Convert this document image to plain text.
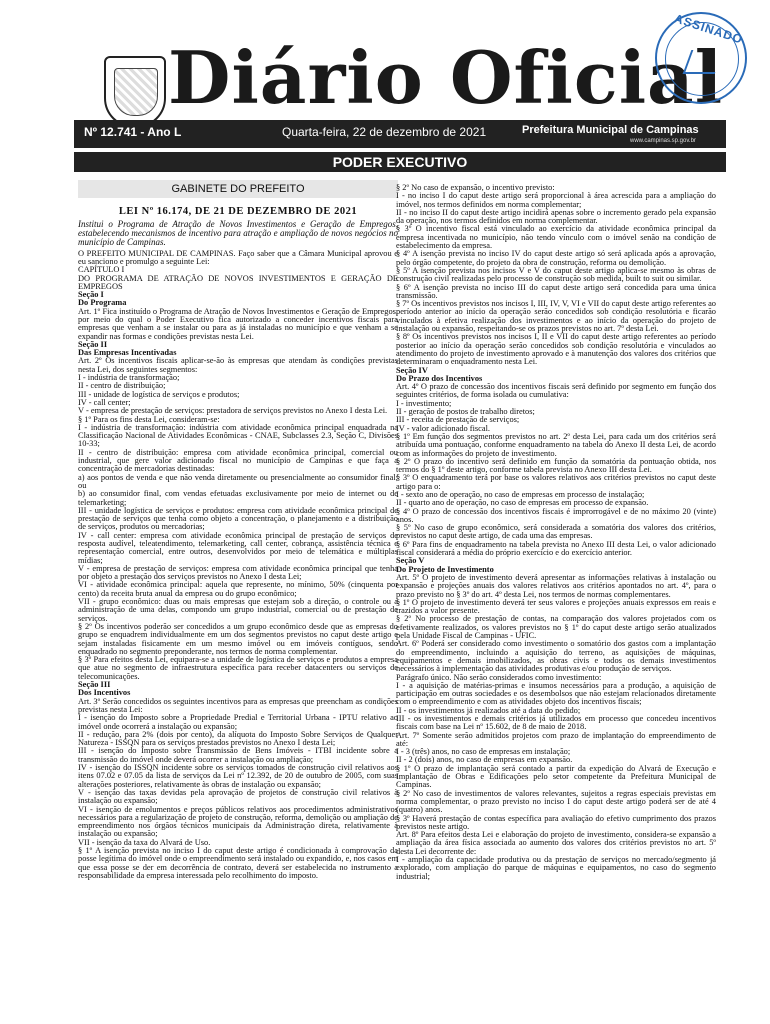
Diário Oficial
ASSINADO
Nº 12.741 - Ano L	Quarta-feira, 22 de dezembro de 2021	Prefeitura Municipal de Campinas
www.campinas.sp.gov.br
PODER EXECUTIVO
GABINETE DO PREFEITO
LEI Nº 16.174, DE 21 DE DEZEMBRO DE 2021
Institui o Programa de Atração de Novos Investimentos e Geração de Empregos, estabelecendo mecanismos de incentivo para atração e ampliação de novos negócios no município de Campinas.

O PREFEITO MUNICIPAL DE CAMPINAS. Faço saber que a Câmara Municipal aprovou e eu sanciono e promulgo a seguinte Lei:

CAPÍTULO I

DO PROGRAMA DE ATRAÇÃO DE NOVOS INVESTIMENTOS E GERAÇÃO DE EMPREGOS

Seção I

Do Programa

Art. 1º Fica instituído o Programa de Atração de Novos Investimentos e Geração de Empregos, por meio do qual o Poder Executivo fica autorizado a conceder incentivos fiscais para empresas que venham a se instalar ou para as já instaladas no município e que venham a se expandir nas formas e condições previstas nesta Lei.

Seção II

Das Empresas Incentivadas

Art. 2º Os incentivos fiscais aplicar-se-ão às empresas que atendam às condições previstas nesta Lei, dos seguintes segmentos:

I - indústria de transformação;

II - centro de distribuição;

III - unidade de logística de serviços e produtos;

IV - call center;

V - empresa de prestação de serviços: prestadora de serviços previstos no Anexo I desta Lei.

§ 1º Para os fins desta Lei, consideram-se:

I - indústria de transformação: indústria com atividade econômica principal enquadrada na Classificação Nacional de Atividades Econômicas - CNAE, Subclasses 2.3, Seção C, Divisões 10-33;

II - centro de distribuição: empresa com atividade econômica principal, comercial ou industrial, que gere valor adicionado fiscal no município de Campinas e que faça a concentração de mercadorias destinadas:

a) aos pontos de venda e que não venda diretamente ou presencialmente ao consumidor final; ou

b) ao consumidor final, com vendas efetuadas exclusivamente por meio de internet ou de telemarketing;

III - unidade logística de serviços e produtos: empresa com atividade econômica principal de prestação de serviços que tenha como objeto a concentração, o planejamento e a distribuição de serviços, produtos ou mercadorias;

IV - call center: empresa com atividade econômica principal de prestação de serviços de resposta audível, teleatendimento, telemarketing, call center, cobrança, assistência técnica e representação comercial, entre outros, desenvolvidos por meio de telemática e múltiplas mídias;

V - empresa de prestação de serviços: empresa com atividade econômica principal que tenha por objeto a prestação dos serviços previstos no Anexo I desta Lei;

VI - atividade econômica principal: aquela que represente, no mínimo, 50% (cinquenta por cento) da receita bruta anual da empresa ou do grupo econômico;

VII - grupo econômico: duas ou mais empresas que estejam sob a direção, o controle ou a administração de uma delas, compondo um grupo industrial, comercial ou de prestação de serviços.

§ 2º Os incentivos poderão ser concedidos a um grupo econômico desde que as empresas do grupo se enquadrem individualmente em um dos segmentos previstos no caput deste artigo e sejam instaladas fisicamente em um mesmo imóvel ou em imóveis contíguos, sendo enquadrado no segmento preponderante, nos termos de norma complementar.

§ 3º Para efeitos desta Lei, equipara-se a unidade de logística de serviços e produtos a empresa que atue no segmento de infraestrutura específica para receber datacenters ou serviços de telecomunicações.

Seção III

Dos Incentivos

Art. 3º Serão concedidos os seguintes incentivos para as empresas que preencham as condições previstas nesta Lei:

I - isenção do Imposto sobre a Propriedade Predial e Territorial Urbana - IPTU relativo ao imóvel onde ocorrerá a instalação ou expansão;

II - redução, para 2% (dois por cento), da alíquota do Imposto Sobre Serviços de Qualquer Natureza - ISSQN para os serviços prestados previstos no Anexo I desta Lei;

III - isenção do Imposto sobre Transmissão de Bens Imóveis - ITBI incidente sobre a transmissão do imóvel onde deverá ocorrer a instalação ou ampliação;

IV - isenção do ISSQN incidente sobre os serviços tomados de construção civil relativos aos itens 07.02 e 07.05 da lista de serviços da Lei nº 12.392, de 20 de outubro de 2005, com suas alterações posteriores, relativamente às obras de instalação ou expansão;

V - isenção das taxas devidas pela aprovação de projetos de construção civil relativos à instalação ou expansão;

VI - isenção de emolumentos e preços públicos relativos aos procedimentos administrativos necessários para a regularização de projeto de construção, reforma, demolição ou ampliação de empreendimento nos órgãos técnicos municipais da Administração direta, relativamente à instalação ou expansão;

VII - isenção da taxa do Alvará de Uso.

§ 1º A isenção prevista no inciso I do caput deste artigo é condicionada à comprovação da posse legítima do imóvel onde o empreendimento será instalado ou expandido, e, nos casos em que essa posse se der em decorrência de contrato, deverá ser estabelecida no instrumento a responsabilidade da empresa interessada pelo recolhimento do imposto.

§ 2º No caso de expansão, o incentivo previsto:

I - no inciso I do caput deste artigo será proporcional à área acrescida para a ampliação do imóvel, nos termos definidos em norma complementar;

II - no inciso II do caput deste artigo incidirá apenas sobre o incremento gerado pela expansão da operação, nos termos definidos em norma complementar.

§ 3º O incentivo fiscal está vinculado ao exercício da atividade econômica principal da empresa incentivada no município, não tendo vínculo com o imóvel senão na condição de estabelecimento da empresa.

§ 4º A isenção prevista no inciso IV do caput deste artigo só será aplicada após a aprovação, pelo órgão competente, do projeto da obra de construção, reforma ou demolição.

§ 5º A isenção prevista nos incisos V e V do caput deste artigo aplica-se mesmo às obras de construção civil realizadas pelo processo de construção sob medida, built to suit ou similar.

§ 6º A isenção prevista no inciso III do caput deste artigo será concedida para uma única transmissão.

§ 7º Os incentivos previstos nos incisos I, III, IV, V, VI e VII do caput deste artigo referentes ao período anterior ao início da operação serão concedidos sob condição resolutória e ficarão vinculados à efetiva realização dos investimentos e ao início da operação do projeto de instalação ou expansão, respeitando-se os prazos previstos no art. 7º desta Lei.

§ 8º Os incentivos previstos nos incisos I, II e VII do caput deste artigo referentes ao período posterior ao início da operação serão concedidos sob condição resolutória e vinculados ao atendimento do projeto de investimento aprovado e à manutenção dos valores dos critérios que determinaram o enquadramento nesta Lei.

Seção IV

Do Prazo dos Incentivos

Art. 4º O prazo de concessão dos incentivos fiscais será definido por segmento em função dos seguintes critérios, de forma isolada ou cumulativa:

I - investimento;

II - geração de postos de trabalho diretos;

III - receita de prestação de serviços;

IV - valor adicionado fiscal.

§ 1º Em função dos segmentos previstos no art. 2º desta Lei, para cada um dos critérios será atribuída uma pontuação, conforme enquadramento na tabela do Anexo II desta Lei, de acordo com as informações do projeto de investimento.

§ 2º O prazo do incentivo será definido em função da somatória da pontuação obtida, nos termos do § 1º deste artigo, conforme tabela prevista no Anexo III desta Lei.

§ 3º O enquadramento terá por base os valores relativos aos critérios previstos no caput deste artigo para o:

I - sexto ano de operação, no caso de empresas em processo de instalação;

II - quarto ano de operação, no caso de empresas em processo de expansão.

§ 4º O prazo de concessão dos incentivos fiscais é improrrogável e de no máximo 20 (vinte) anos.

§ 5º No caso de grupo econômico, será considerada a somatória dos valores dos critérios, previstos no caput deste artigo, de cada uma das empresas.

§ 6º Para fins de enquadramento na tabela prevista no Anexo III desta Lei, o valor adicionado fiscal considerará a média do próprio exercício e do exercício anterior.

Seção V

Do Projeto de Investimento

Art. 5º O projeto de investimento deverá apresentar as informações relativas à instalação ou expansão e projeções anuais dos valores relativos aos critérios apontados no art. 4º, para o prazo previsto no § 3º do art. 4º desta Lei, nos termos de normas complementares.

§ 1º O projeto de investimento deverá ter seus valores e projeções anuais expressos em reais e trazidos a valor presente.

§ 2º No processo de prestação de contas, na comparação dos valores projetados com os efetivamente realizados, os valores previstos no § 1º do caput deste artigo serão atualizados pela Unidade Fiscal de Campinas - UFIC.

Art. 6º Poderá ser considerado como investimento o somatório dos gastos com a implantação do empreendimento, incluindo a aquisição do terreno, as aquisições de máquinas, equipamentos e demais imobilizados, as obras civis e todos os demais investimentos necessários à implementação das atividades produtivas e/ou produção de serviços.

Parágrafo único. Não serão considerados como investimento:

I - a aquisição de matérias-primas e insumos necessários para a produção, a aquisição de participação em outras sociedades e os desembolsos que não estejam relacionados diretamente com o empreendimento e com as atividades objeto dos incentivos fiscais;

II - os investimentos já realizados até a data do pedido;

III - os investimentos e demais critérios já utilizados em processo que concedeu incentivos fiscais com base na Lei nº 15.602, de 8 de maio de 2018.

Art. 7º Somente serão admitidos projetos com prazo de implantação do empreendimento de até:

I - 3 (três) anos, no caso de empresas em instalação;

II - 2 (dois) anos, no caso de empresas em expansão.

§ 1º O prazo de implantação será contado a partir da expedição do Alvará de Execução e Implantação de Obras e Edificações pelo setor competente da Prefeitura Municipal de Campinas.

§ 2º No caso de investimentos de valores relevantes, sujeitos a regras especiais previstas em norma complementar, o prazo previsto no inciso I do caput deste artigo poderá ser de até 4 (quatro) anos.

§ 3º Haverá prestação de contas específica para avaliação do efetivo cumprimento dos prazos previstos neste artigo.

Art. 8º Para efeitos desta Lei e elaboração do projeto de investimento, considera-se expansão a ampliação da área física associada ao aumento dos valores dos critérios previstos no art. 5º desta Lei decorrente de:

I - ampliação da capacidade produtiva ou da prestação de serviços no mercado/segmento já explorado, com ampliação do parque de máquinas e equipamentos, no caso do segmento industrial;
